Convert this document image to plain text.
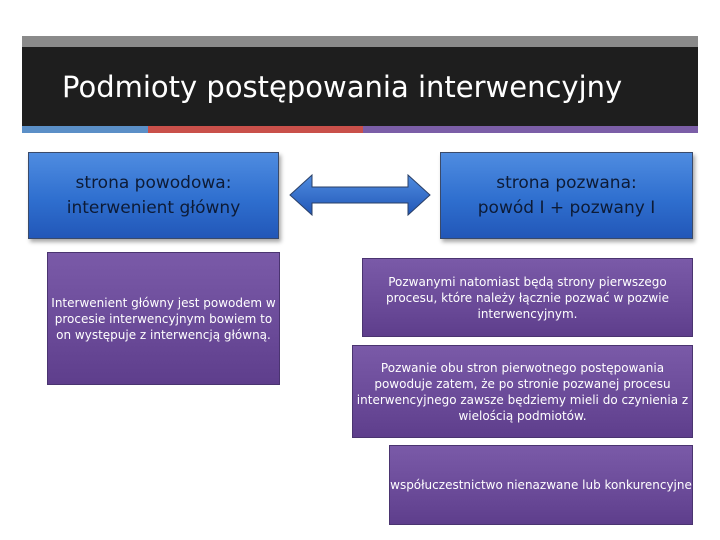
Podmioty postępowania interwencyjny
strona powodowa:
interwenient główny
strona pozwana:
powód I + pozwany I
Interwenient główny jest powodem w procesie interwencyjnym bowiem to on występuje z interwencją główną.
Pozwanymi natomiast będą strony pierwszego procesu, które należy łącznie pozwać w pozwie interwencyjnym.
Pozwanie obu stron pierwotnego postępowania powoduje zatem, że po stronie pozwanej procesu interwencyjnego zawsze będziemy mieli do czynienia z wielością podmiotów.
współuczestnictwo nienazwane lub konkurencyjne
